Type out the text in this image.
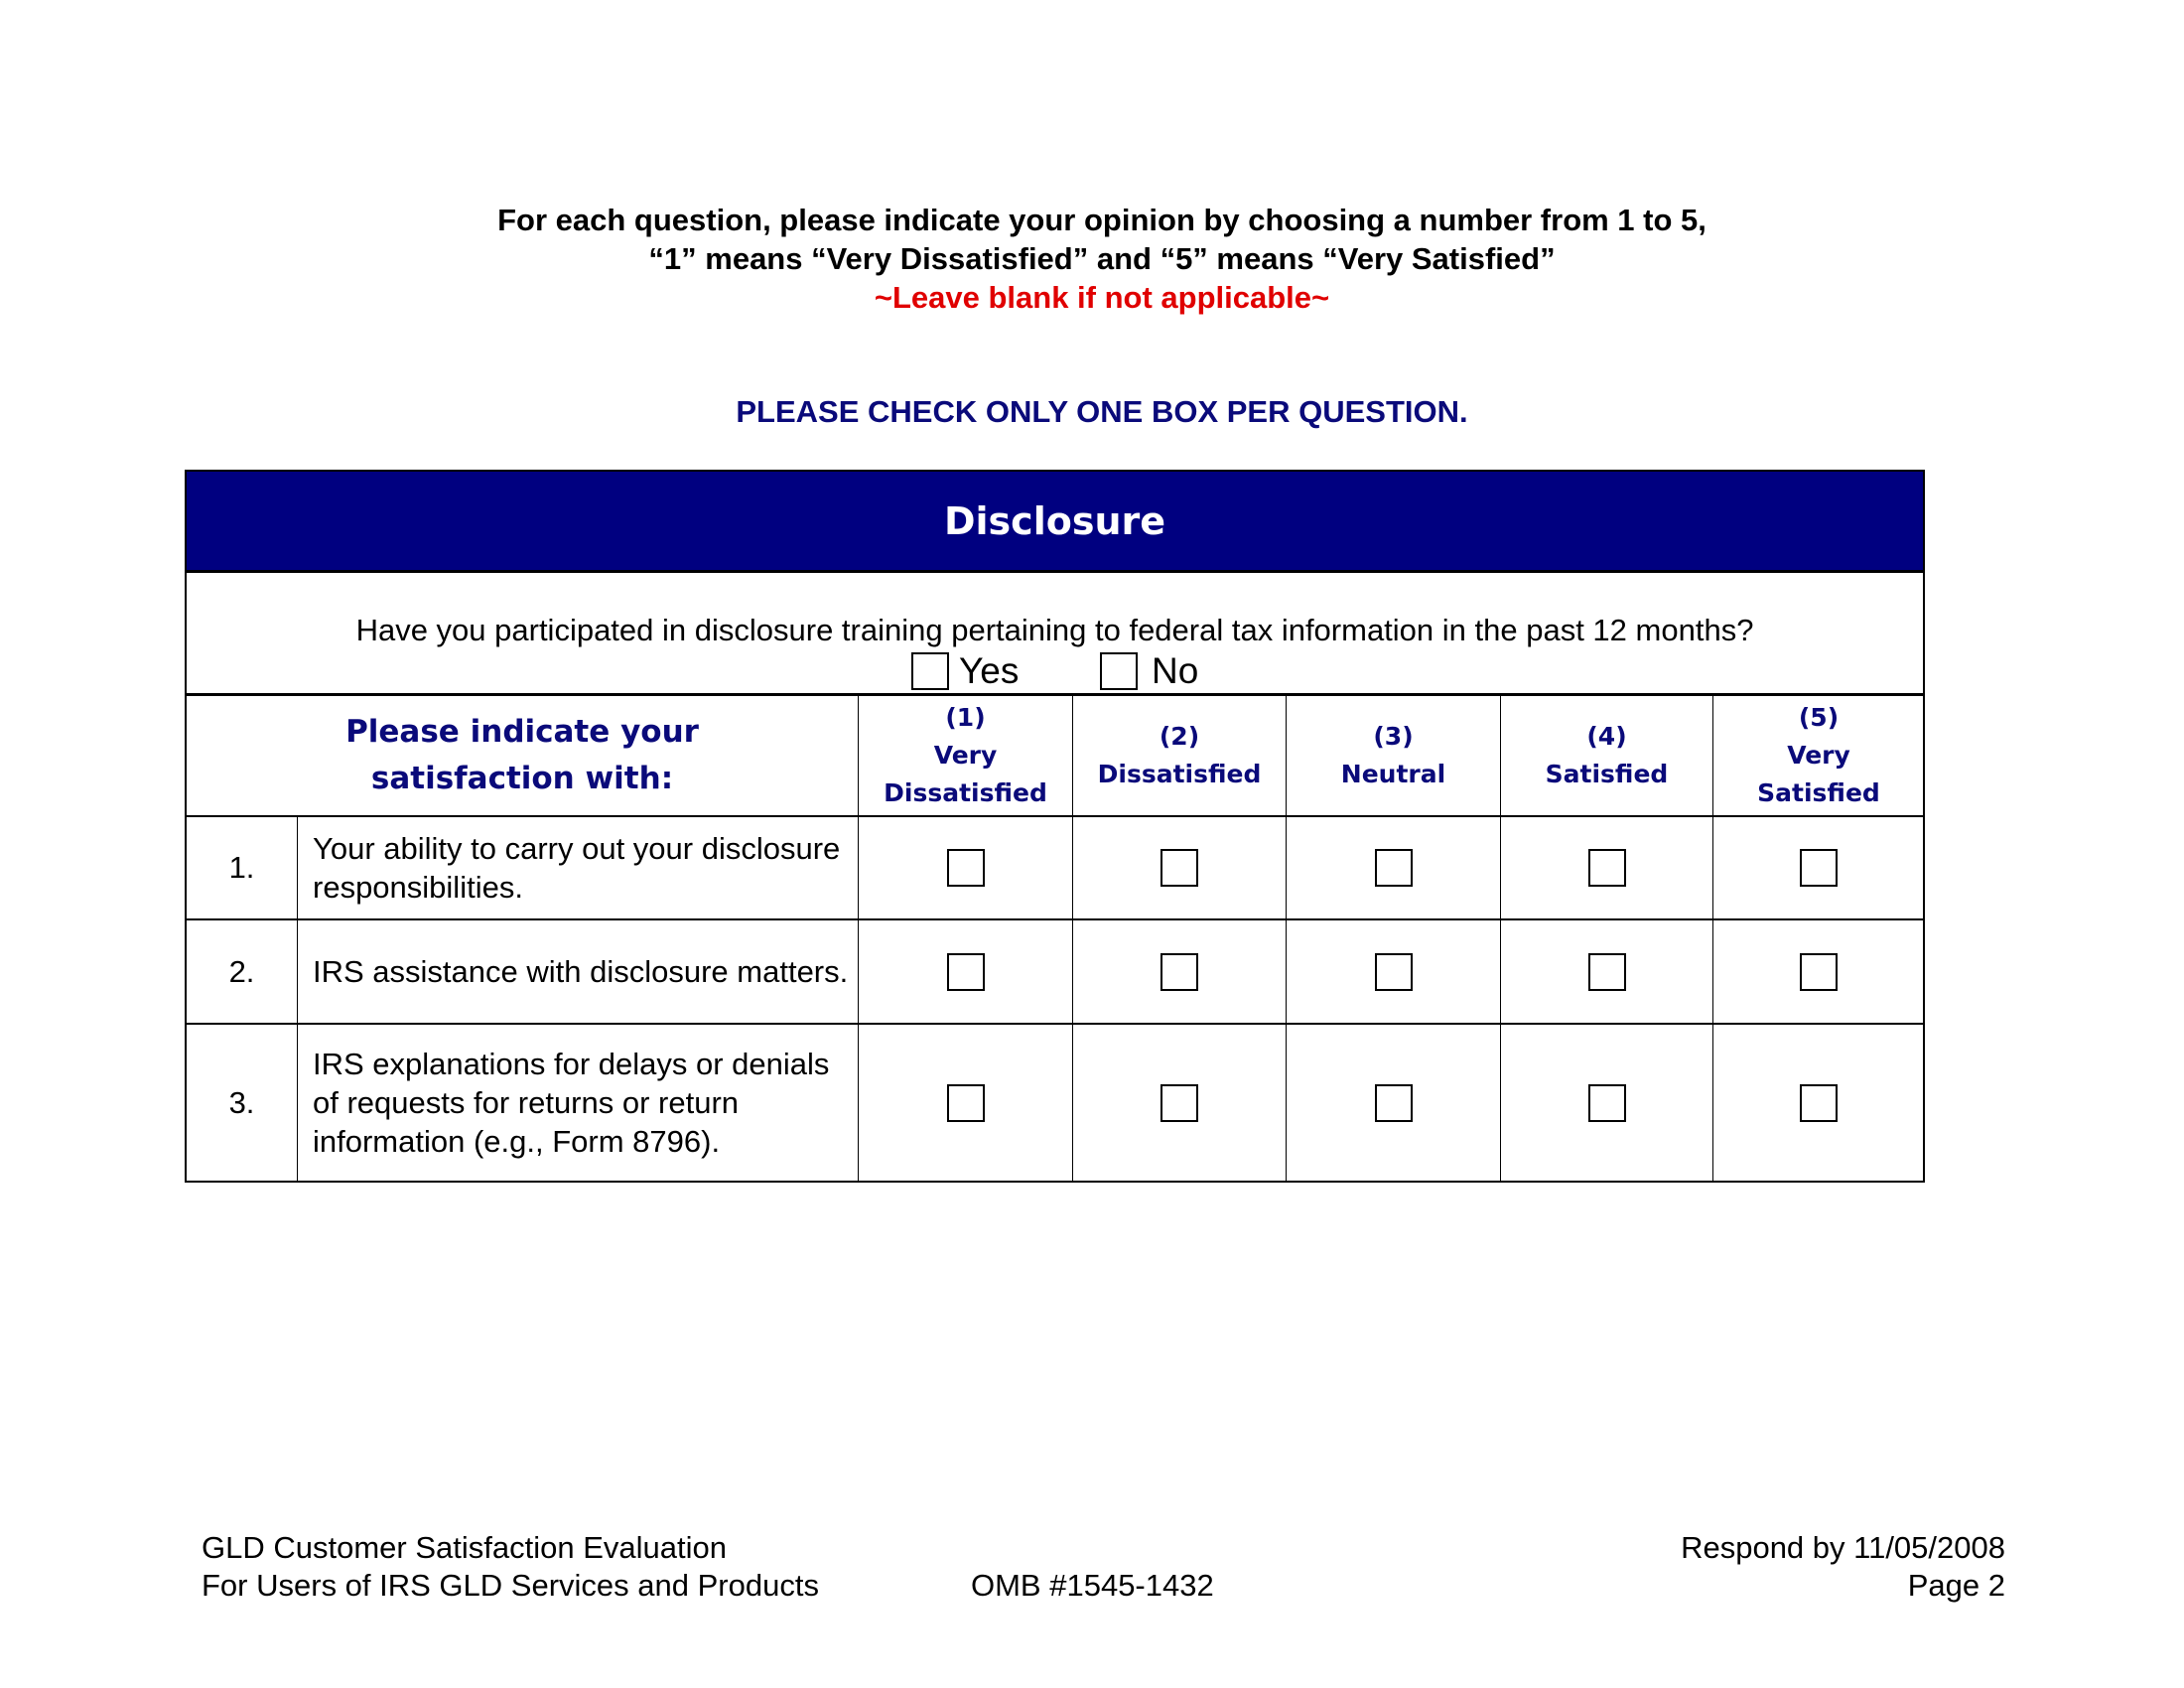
For each question, please indicate your opinion by choosing a number from 1 to 5,
“1” means “Very Dissatisfied” and “5” means “Very Satisfied”
~Leave blank if not applicable~
PLEASE CHECK ONLY ONE BOX PER QUESTION.
Disclosure
Have you participated in disclosure training pertaining to federal tax information in the past 12 months?
Yes	No
Please indicate your
satisfaction with:
(1)
Very
Dissatisfied
(2)
Dissatisfied
(3)
Neutral
(4)
Satisfied
(5)
Very
Satisfied
1.
Your ability to carry out your disclosure responsibilities.
2. IRS assistance with disclosure matters.
3.
IRS explanations for delays or denials of requests for returns or return information (e.g., Form 8796).
GLD Customer Satisfaction Evaluation
For Users of IRS GLD Services and Products	OMB #1545-1432
Respond by 11/05/2008
Page 2
